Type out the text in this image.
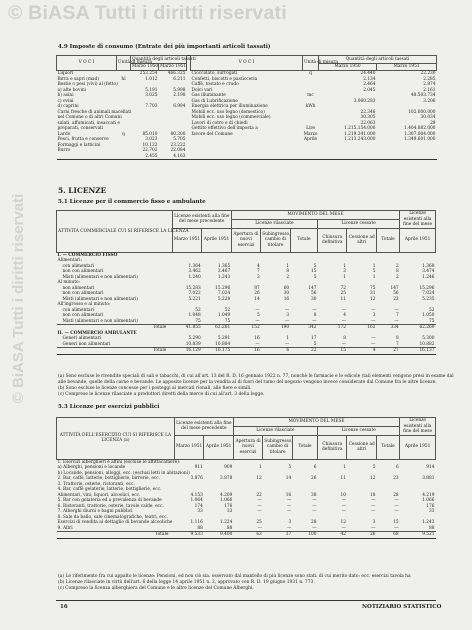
© BiASA Tutti i diritti riservati
© BiASA Tutti i diritti riservati
4.9 Imposte di consumo (Entrate dei più importanti articoli tassati)
V O C I	Unità di misura	Quantità degli articoli tassati			V O C I	Unità di misura	Quantità degli articoli tassati	
		Marzo 1950	Marzo 1951				Marzo 1950	Marzo 1951
Liquori		253.254	466.325		Cioccolato, surrogati	q	24.440	22.230
Birra e sapri (mad)	hl	1.012	6.211		Confetti, biscotti e pasticceria		2.134	2.285
Bestie o pesi (vivi) al (fetto)					Caffè, tostato e crudo		2.464	2.874
a) alte bovini		5.191	5.998		Dolci vari		2.045	2.161
b) asini		3.025	2.198		Gas illuminante	mc		48.503.734
c) ovini					Gas di Lubrificazione		3.060.283	3.206
d) caprini		7.703	6.994		Energia elettrica per illuminazione	kWh		
Carni fresche di animali macellati					Mobili ecc. uso legno (domestico)		22.346	102.000.000
nel Comune o di altri Comuni					Mobili ecc. uso legno (commerciale)		30.305	30.034
salati, affumicati, insaccati e					Lavori di cotro e di chiedi		22.063	29
preparati, conservati					Gettito effettivo dell'imposta a	Lire	1.215.154.000	1.404.882.000
Lardo	q	85.010	80.300		favore del Comune	Marzo	1.219.341.000	1.307.004.000
Pesci, frutta e conserve		3.023	5.705			Aprile	1.213.243.000	1.349.601.000
Formaggi e latticini		10.122	23.222					
Burro		22.702	22.084					
		2.455	4.163					
5. LICENZE
5.1 Licenze per il commercio fisso e ambulante
ATTIVITÀ COMMERCIALE CUI SI RIFERISCE LA LICENZA	Licenze esistenti alla fine del mese precedente		MOVIMENTO DEL MESE						Licenze esistenti alla fine del mese
			Licenze rilasciate			Licenze cessate			
	Marzo 1951	Aprile 1951	Apertura di nuovi esercizi	Subingresso, cambio di titolare	Totale	Chiusura definitiva	Cessione ad altri	Totale	Aprile 1951
I. — COMMERCIO FISSO									
Alimentari:									
con alimentari	1.364	1.365	4	1	5	1	1	2	1.368
non con alimentari	3.462	3.467	7	8	15	3	5	8	3.474
Misti (alimentari e non alimentari)	1.240	1.243	3	2	5	1	1	2	1.246
Al minuto:									
non alimentari	15.283	15.296	87	60	147	72	75	147	15.296
non con alimentari	7.022	7.024	26	30	56	25	31	56	7.024
Misti (alimentari e non alimentari)	5.221	5.228	14	16	30	11	12	23	5.235
All'ingrosso e al minuto:									
con alimentari	52	52	—	—	—	—	—	—	52
non con alimentari	1.048	1.049	5	3	8	4	3	7	1.050
Misti (alimentari e non alimentari)	75	75	—	—	—	—	—	—	75
Totale	41.855	62.261	152	190	342	172	162	334	62.269
II. — COMMERCIO AMBULANTE									
Generi alimentari	5.290	5.291	16	1	17	8	—	8	5.300
Generi non alimentari	10.839	10.884	—	—	5	—	—	7	10.882
Totale	16.129	16.175	16	6	22	15	4	27	16.137
(a) Sono escluse le rivendite speciali di sali e tabacchi, di cui all'art. 13 del R. D. 16 gennaio 1922 n. 77, nonchè le farmacie e le edicole (tali elementi vengono presi in esame dal
alle bevande, quelle della carne e bevande. Le apposite licenze per la vendita al di fuori del ramo del negozio vengono invece considerate dal Comune fra le altre licenze.
(b) Sono escluse le licenze concesse per i posteggi ai mercati rionali, alle fiere e simili.
(c) Comprese le licenze rilasciate a produttori diretti della merce di cui all'art. 3 della legge.
5.3 Licenze per esercizi pubblici
ATTIVITÀ DELL'ESERCIZIO CUI SI RIFERISCE LA LICENZA (a)	Licenze esistenti alla fine del mese precedente		MOVIMENTO DEL MESE						Licenze esistenti alla fine del mese
			Licenze rilasciate			Licenze cessate			
	Marzo 1951	Aprile 1951	Apertura di nuovi esercizi	Subingresso, cambio di titolare	Totale	Chiusura definitiva	Cessione ad altri	Totale	Aprile 1951
1. Esercizi alberghieri e affini (escluse le affittacamere):									
a) Alberghi, pensioni e locande	911	909	1	5	6	1	5	6	914
b) Locande, pensioni, alloggi, ecc. (esclusi letti in abitazioni)									
2. Bar, caffè, latterie, bottiglierie, birrerie, ecc.	3.876	3.878	12	14	26	11	12	23	3.881
3. Trattorie, osterie, ristoranti, ecc.									
4. Bar, caffè gelaterie, latterie, bottiglierie, ecc.									
Alimentari, vini, liquori, alcoolici, ecc.	4.153	4.209	22	16	38	10	18	28	4.219
5. Bar con gelateria ed a prevalenza di bevande	1.064	1.066	—	—	—	—	—	—	1.066
6. Ristoranti, trattorie, osterie, tavole calde, ecc.	174	176	—	—	—	—	—	—	176
7. Alberghi diurni e bagni pubblici	33	33	—	—	—	—	—	—	33
8. Sale da ballo, sale cinematografiche, teatri, ecc.									
Esercizi di vendita al dettaglio di bevande alcooliche	1.116	1.224	25	3	28	12	3	15	1.243
9. Altri	88	88	—	—	—	—	—	—	88
Totale	9.533	9.400	63	37	100	42	26	68	9.521
(a) Le riferimento fra cui appalto le licenze: Pensioni, ed non ciò sia. osservato dal mantello di più licenze sono stati. di cui merito dato: ecc. esercizi tavola ha
(b) Licenze rilasciate in virtù dell'art. 6 della legge 14 aprile 1951 n. 2, approvato con R. D. 19 giugno 1931 n. 773.
(c) Compreso la licenza alberghiera del Comune e le altre licenze del Comune Alberghi.
16	NOTIZIARIO STATISTICO
